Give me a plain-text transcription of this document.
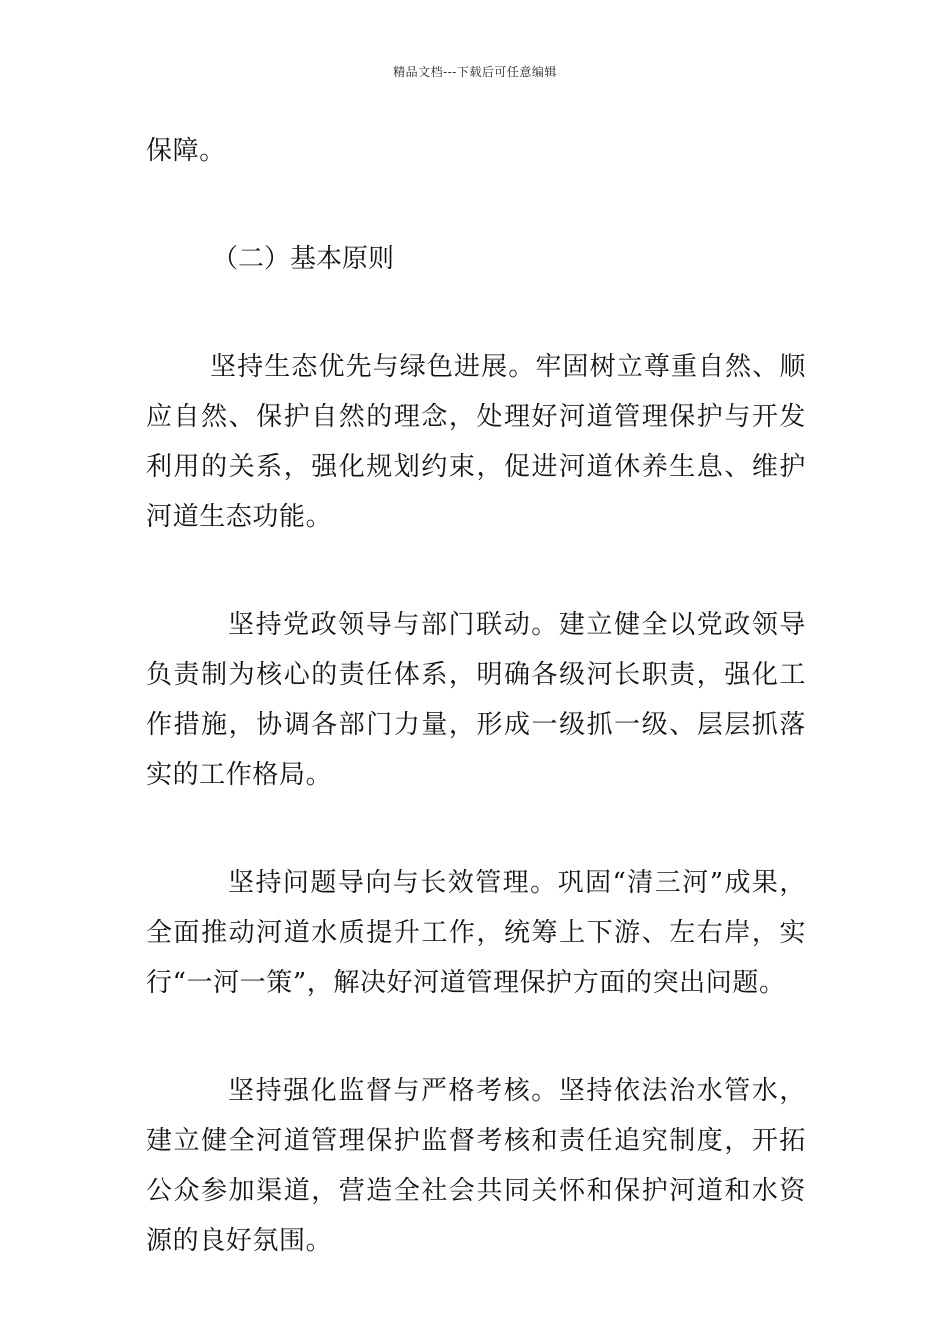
精品文档---下载后可任意编辑

保障。

（二）基本原则

坚持生态优先与绿色进展。牢固树立尊重自然、顺应自然、保护自然的理念，处理好河道管理保护与开发利用的关系，强化规划约束，促进河道休养生息、维护河道生态功能。

坚持党政领导与部门联动。建立健全以党政领导负责制为核心的责任体系，明确各级河长职责，强化工作措施，协调各部门力量，形成一级抓一级、层层抓落实的工作格局。

坚持问题导向与长效管理。巩固“清三河”成果，全面推动河道水质提升工作，统筹上下游、左右岸，实行“一河一策”，解决好河道管理保护方面的突出问题。

坚持强化监督与严格考核。坚持依法治水管水，建立健全河道管理保护监督考核和责任追究制度，开拓公众参加渠道，营造全社会共同关怀和保护河道和水资源的良好氛围。
